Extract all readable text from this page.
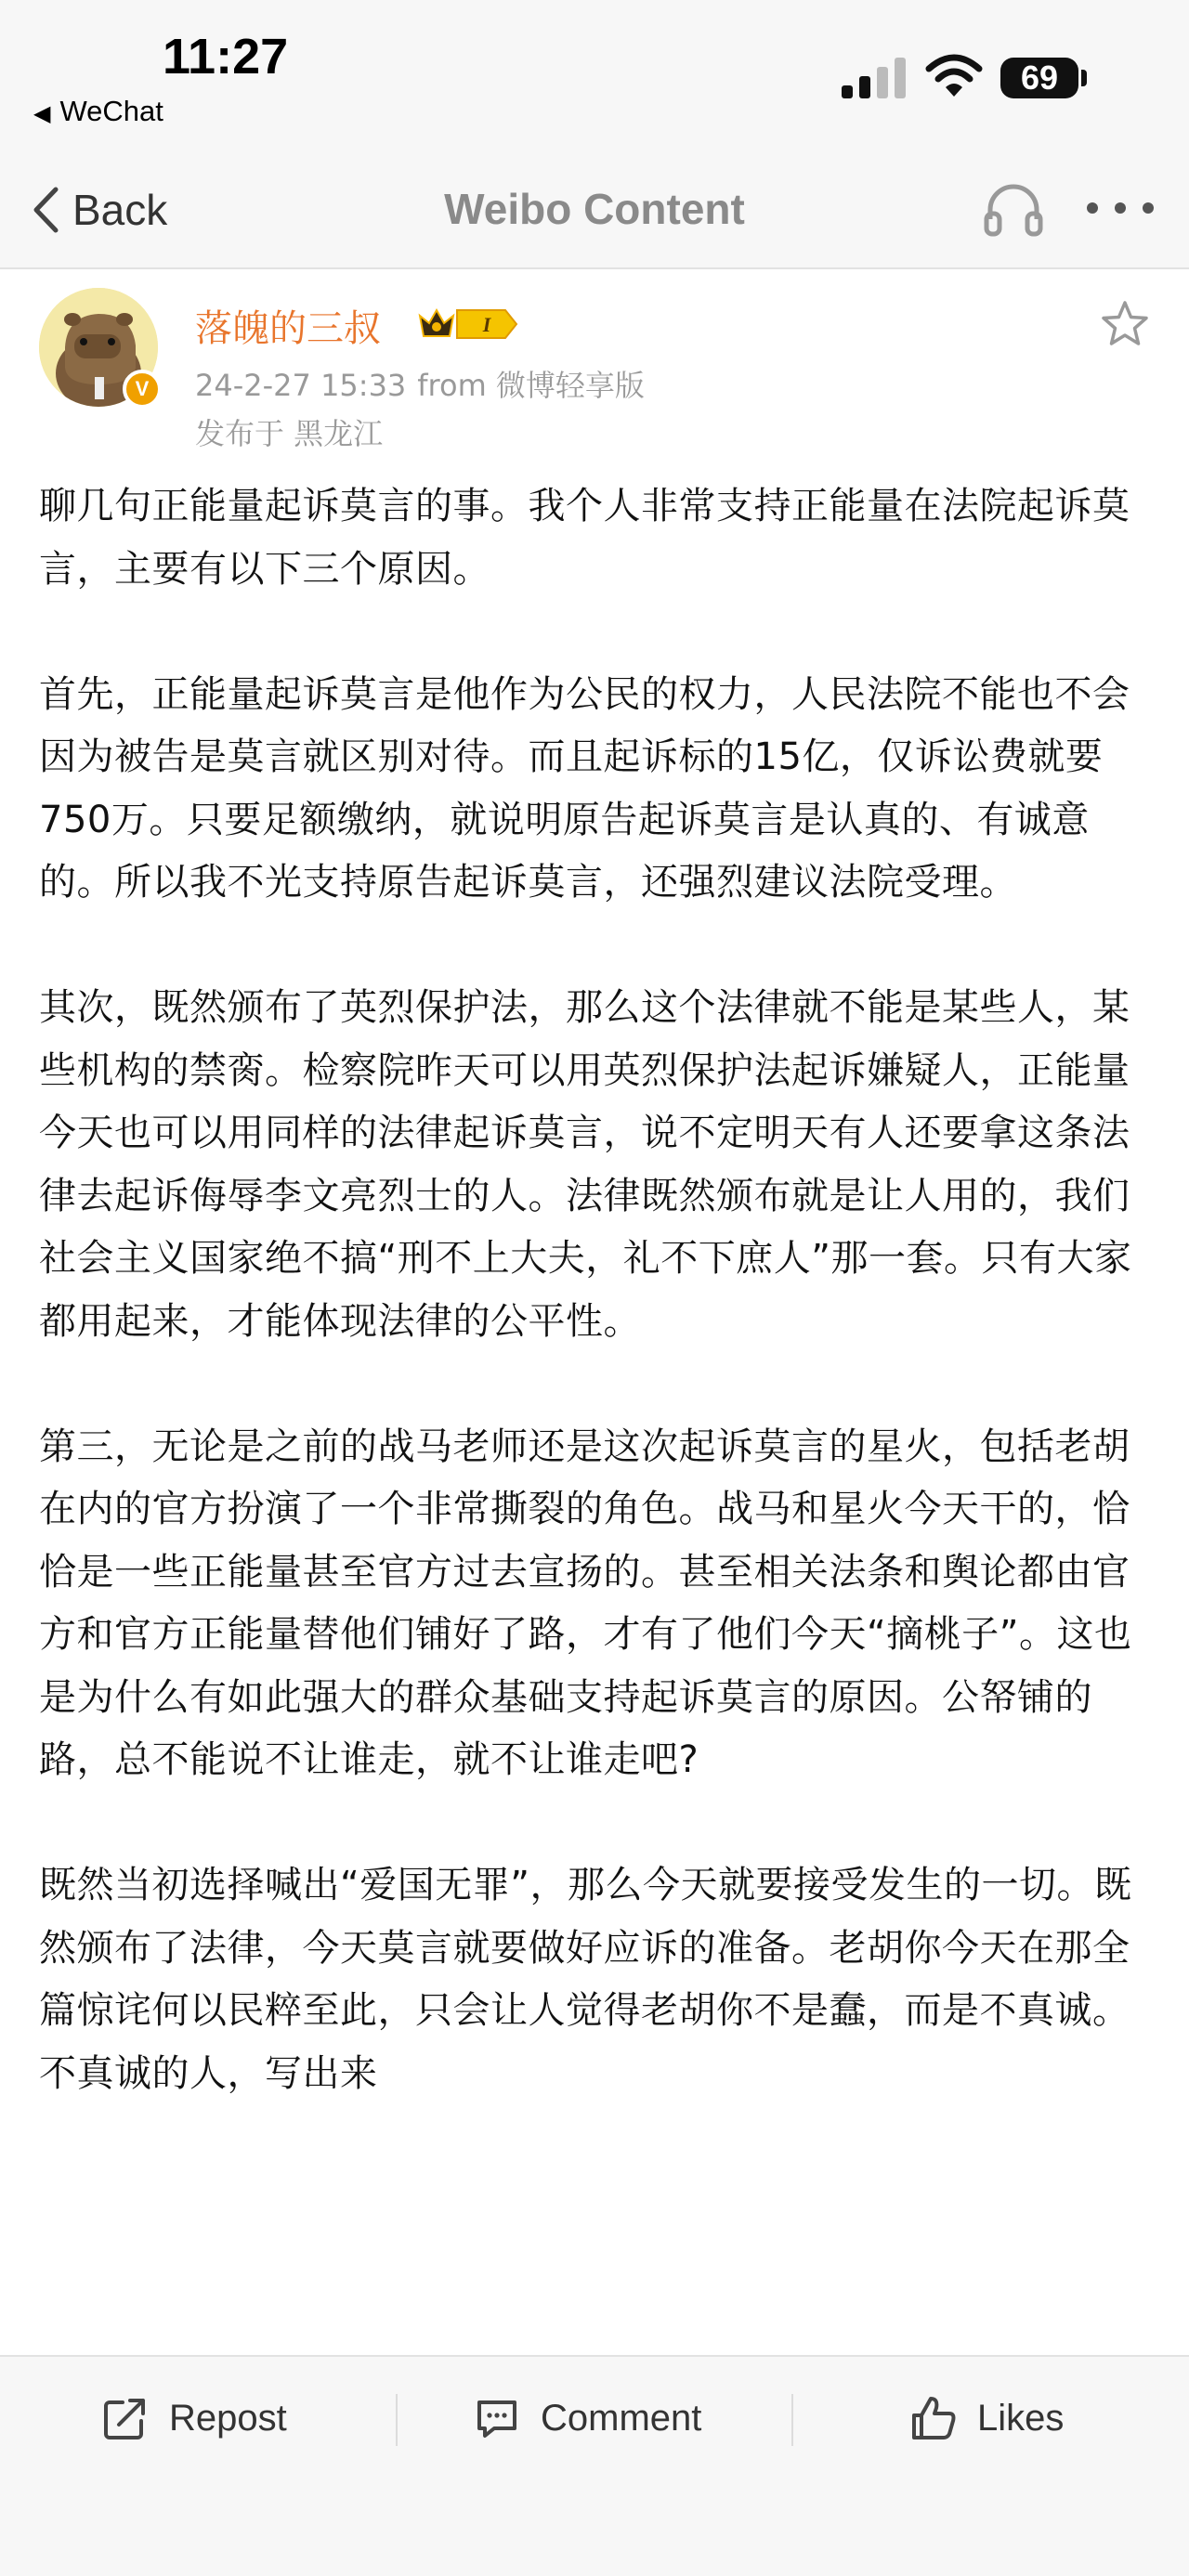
11:27
◀ WeChat
69
Back	Weibo Content
V
落魄的三叔	I
24-2-27 15:33 from 微博轻享版
发布于 黑龙江

聊几句正能量起诉莫言的事。我个人非常支持正能量在法院起诉莫言，主要有以下三个原因。

首先，正能量起诉莫言是他作为公民的权力，人民法院不能也不会因为被告是莫言就区别对待。而且起诉标的15亿，仅诉讼费就要750万。只要足额缴纳，就说明原告起诉莫言是认真的、有诚意的。所以我不光支持原告起诉莫言，还强烈建议法院受理。

其次，既然颁布了英烈保护法，那么这个法律就不能是某些人，某些机构的禁脔。检察院昨天可以用英烈保护法起诉嫌疑人，正能量今天也可以用同样的法律起诉莫言，说不定明天有人还要拿这条法律去起诉侮辱李文亮烈士的人。法律既然颁布就是让人用的，我们社会主义国家绝不搞“刑不上大夫，礼不下庶人”那一套。只有大家都用起来，才能体现法律的公平性。

第三，无论是之前的战马老师还是这次起诉莫言的星火，包括老胡在内的官方扮演了一个非常撕裂的角色。战马和星火今天干的，恰恰是一些正能量甚至官方过去宣扬的。甚至相关法条和舆论都由官方和官方正能量替他们铺好了路，才有了他们今天“摘桃子”。这也是为什么有如此强大的群众基础支持起诉莫言的原因。公帑铺的路，总不能说不让谁走，就不让谁走吧?

既然当初选择喊出“爱国无罪”，那么今天就要接受发生的一切。既然颁布了法律，今天莫言就要做好应诉的准备。老胡你今天在那全篇惊诧何以民粹至此，只会让人觉得老胡你不是蠢，而是不真诚。不真诚的人，写出来

Repost	Comment	Likes
